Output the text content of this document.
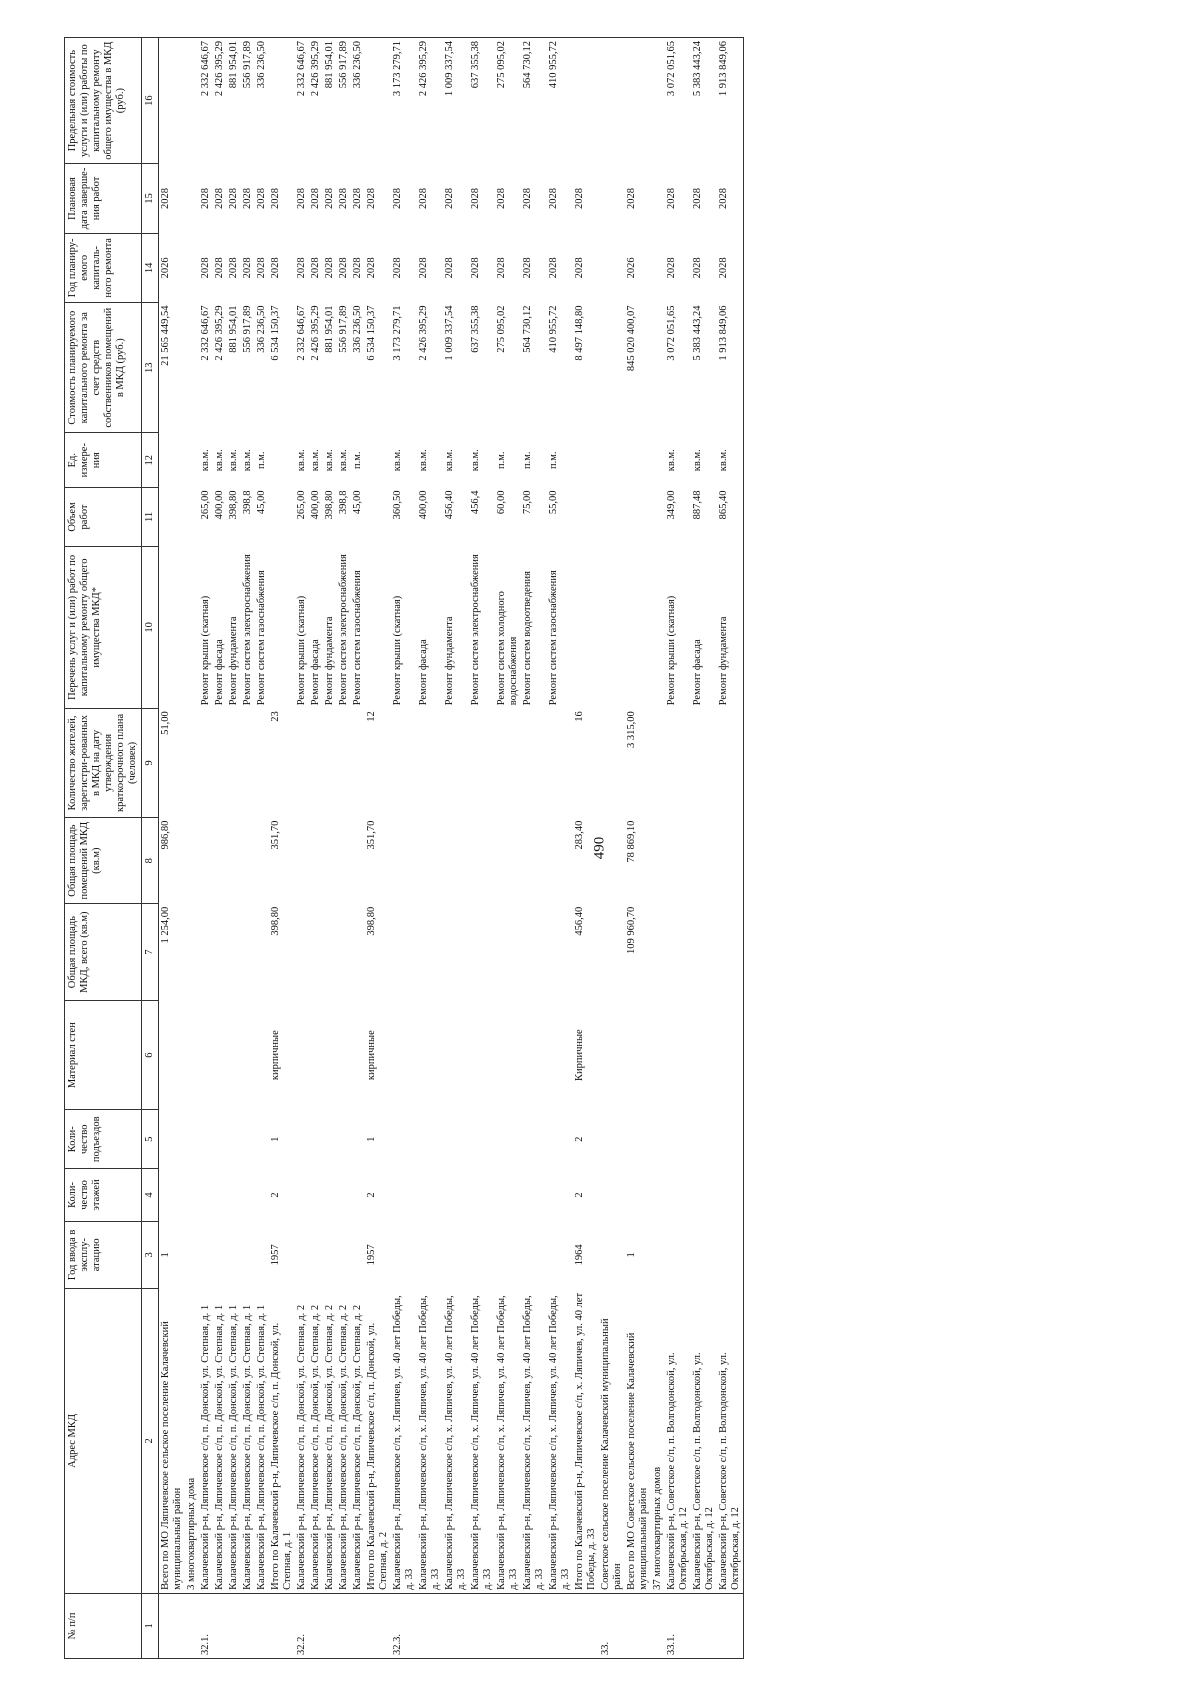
490
№ п/п	Адрес МКД	Год ввода в эксплу-атацию	Коли-чество этажей	Коли-чество подъездов	Материал стен	Общая площадь МКД, всего (кв.м)	Общая площадь помещений МКД (кв.м)	Количество жителей, зарегистри-рованных в МКД на дату утверждения краткосрочного плана (человек)	Перечень услуг и (или) работ по капитальному ремонту общего имущества МКД*	Объем работ	Ед. измере-ния	Стоимость планируемого капитального ремонта за счет средств собственников помещений в МКД (руб.)	Год планиру-емого капиталь-ного ремонта	Плановая дата заверше-ния работ	Предельная стоимость услуги и (или) работы по капитальному ремонту общего имущества в МКД (руб.)
1	2	3	4	5	6	7	8	9	10	11	12	13	14	15	16
	Всего по МО Ляпичевское сельское поселение Калачевский муниципальный район	1				1 254,00	986,80	51,00				21 565 449,54	2026	2028	
	3 многоквартирных дома														
32.1.	Калачевский р-н, Ляпичевское с/п, п. Донской, ул. Степная, д. 1								Ремонт крыши (скатная)	265,00	кв.м.	2 332 646,67	2028	2028	2 332 646,67
	Калачевский р-н, Ляпичевское с/п, п. Донской, ул. Степная, д. 1								Ремонт фасада	400,00	кв.м.	2 426 395,29	2028	2028	2 426 395,29
	Калачевский р-н, Ляпичевское с/п, п. Донской, ул. Степная, д. 1								Ремонт фундамента	398,80	кв.м.	881 954,01	2028	2028	881 954,01
	Калачевский р-н, Ляпичевское с/п, п. Донской, ул. Степная, д. 1								Ремонт систем электроснабжения	398,8	кв.м.	556 917,89	2028	2028	556 917,89
	Калачевский р-н, Ляпичевское с/п, п. Донской, ул. Степная, д. 1								Ремонт систем газоснабжения	45,00	п.м.	336 236,50	2028	2028	336 236,50
	Итого по Калачевский р-н, Ляпичевское с/п, п. Донской, ул. Степная, д. 1	1957	2	1	кирпичные	398,80	351,70	23				6 534 150,37	2028	2028	
32.2.	Калачевский р-н, Ляпичевское с/п, п. Донской, ул. Степная, д. 2								Ремонт крыши (скатная)	265,00	кв.м.	2 332 646,67	2028	2028	2 332 646,67
	Калачевский р-н, Ляпичевское с/п, п. Донской, ул. Степная, д. 2								Ремонт фасада	400,00	кв.м.	2 426 395,29	2028	2028	2 426 395,29
	Калачевский р-н, Ляпичевское с/п, п. Донской, ул. Степная, д. 2								Ремонт фундамента	398,80	кв.м.	881 954,01	2028	2028	881 954,01
	Калачевский р-н, Ляпичевское с/п, п. Донской, ул. Степная, д. 2								Ремонт систем электроснабжения	398,8	кв.м.	556 917,89	2028	2028	556 917,89
	Калачевский р-н, Ляпичевское с/п, п. Донской, ул. Степная, д. 2								Ремонт систем газоснабжения	45,00	п.м.	336 236,50	2028	2028	336 236,50
	Итого по Калачевский р-н, Ляпичевское с/п, п. Донской, ул. Степная, д. 2	1957	2	1	кирпичные	398,80	351,70	12				6 534 150,37	2028	2028	
32.3.	Калачевский р-н, Ляпичевское с/п, х. Ляпичев, ул. 40 лет Победы, д. 33								Ремонт крыши (скатная)	360,50	кв.м.	3 173 279,71	2028	2028	3 173 279,71
	Калачевский р-н, Ляпичевское с/п, х. Ляпичев, ул. 40 лет Победы, д. 33								Ремонт фасада	400,00	кв.м.	2 426 395,29	2028	2028	2 426 395,29
	Калачевский р-н, Ляпичевское с/п, х. Ляпичев, ул. 40 лет Победы, д. 33								Ремонт фундамента	456,40	кв.м.	1 009 337,54	2028	2028	1 009 337,54
	Калачевский р-н, Ляпичевское с/п, х. Ляпичев, ул. 40 лет Победы, д. 33								Ремонт систем электроснабжения	456,4	кв.м.	637 355,38	2028	2028	637 355,38
	Калачевский р-н, Ляпичевское с/п, х. Ляпичев, ул. 40 лет Победы, д. 33								Ремонт систем холодного водоснабжения	60,00	п.м.	275 095,02	2028	2028	275 095,02
	Калачевский р-н, Ляпичевское с/п, х. Ляпичев, ул. 40 лет Победы, д. 33								Ремонт систем водоотведения	75,00	п.м.	564 730,12	2028	2028	564 730,12
	Калачевский р-н, Ляпичевское с/п, х. Ляпичев, ул. 40 лет Победы, д. 33								Ремонт систем газоснабжения	55,00	п.м.	410 955,72	2028	2028	410 955,72
	Итого по Калачевский р-н, Ляпичевское с/п, х. Ляпичев, ул. 40 лет Победы, д. 33	1964	2	2	Кирпичные	456,40	283,40	16				8 497 148,80	2028	2028	
33.	Советское сельское поселение Калачевский муниципальный район														
	Всего по МО Советское сельское поселение Калачевский муниципальный район	1				109 960,70	78 869,10	3 315,00				845 020 400,07	2026	2028	
	37 многоквартирных домов														
33.1.	Калачевский р-н, Советское с/п, п. Волгодонской, ул. Октябрьская, д. 12								Ремонт крыши (скатная)	349,00	кв.м.	3 072 051,65	2028	2028	3 072 051,65
	Калачевский р-н, Советское с/п, п. Волгодонской, ул. Октябрьская, д. 12								Ремонт фасада	887,48	кв.м.	5 383 443,24	2028	2028	5 383 443,24
	Калачевский р-н, Советское с/п, п. Волгодонской, ул. Октябрьская, д. 12								Ремонт фундамента	865,40	кв.м.	1 913 849,06	2028	2028	1 913 849,06
